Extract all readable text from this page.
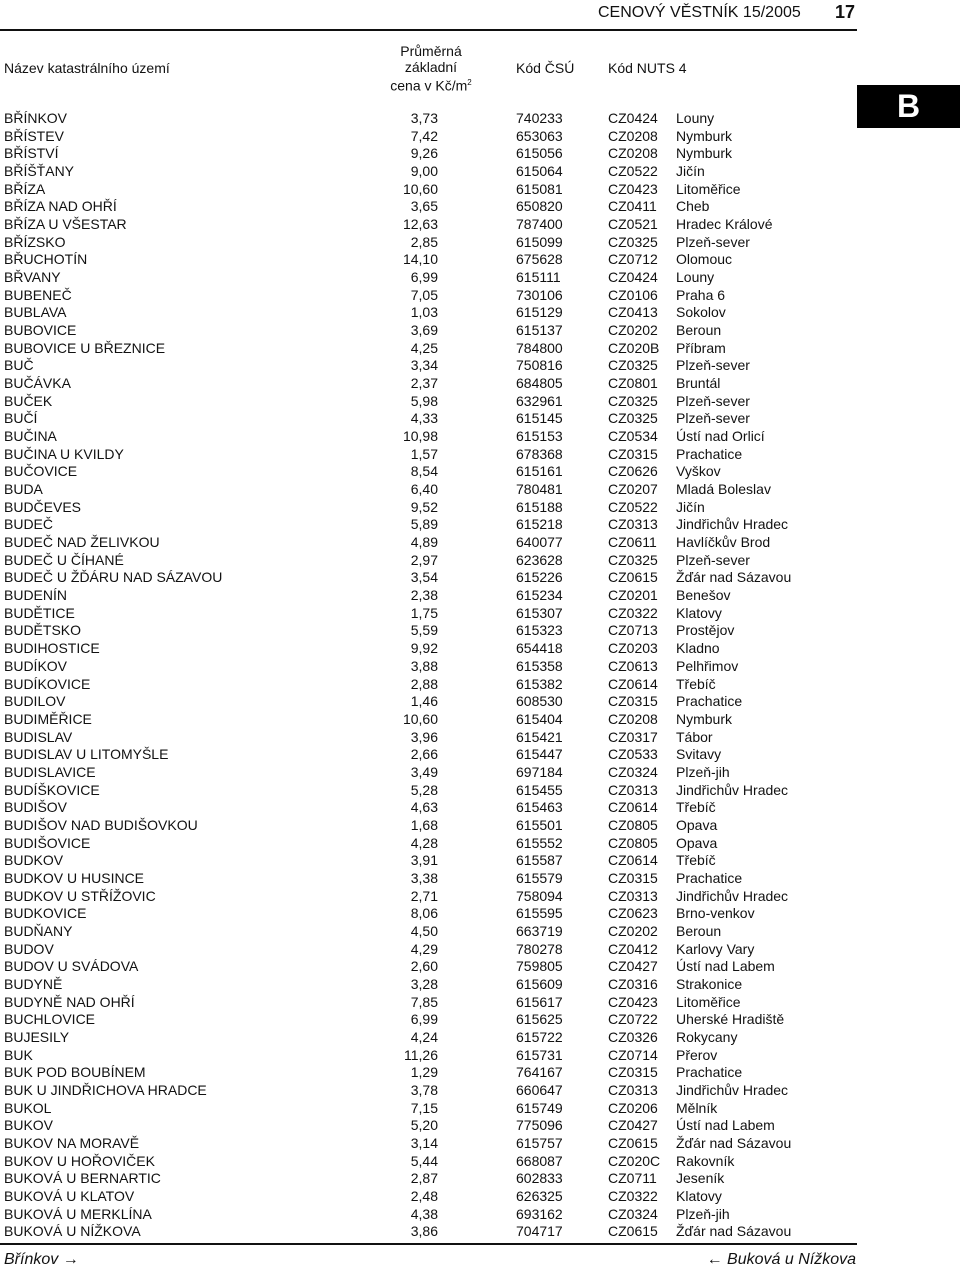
CENOVÝ VĚSTNÍK 15/2005 17
Název katastrálního území
Průměrná
základní
cena v $Kč/m^2$
Kód ČSÚ Kód NUTS 4
B
BŘÍNKOV	3,73	740233	CZ0424 Louny
BŘÍSTEV	7,42	653063	CZ0208 Nymburk
BŘÍSTVÍ	9,26	615056	CZ0208 Nymburk
BŘÍŠŤANY	9,00	615064	CZ0522 Jičín
BŘÍZA	10,60	615081	CZ0423 Litoměřice
BŘÍZA NAD OHŘÍ	3,65	650820	CZ0411 Cheb
BŘÍZA U VŠESTAR	12,63	787400	CZ0521 Hradec Králové
BŘÍZSKO	2,85	615099	CZ0325 Plzeň-sever
BŘUCHOTÍN	14,10	675628	CZ0712 Olomouc
BŘVANY	6,99	615111	CZ0424 Louny
BUBENEČ	7,05	730106	CZ0106 Praha 6
BUBLAVA	1,03	615129	CZ0413 Sokolov
BUBOVICE	3,69	615137	CZ0202 Beroun
BUBOVICE U BŘEZNICE	4,25	784800	CZ020B Příbram
BUČ	3,34	750816	CZ0325 Plzeň-sever
BUČÁVKA	2,37	684805	CZ0801 Bruntál
BUČEK	5,98	632961	CZ0325 Plzeň-sever
BUČÍ	4,33	615145	CZ0325 Plzeň-sever
BUČINA	10,98	615153	CZ0534 Ústí nad Orlicí
BUČINA U KVILDY	1,57	678368	CZ0315 Prachatice
BUČOVICE	8,54	615161	CZ0626 Vyškov
BUDA	6,40	780481	CZ0207 Mladá Boleslav
BUDČEVES	9,52	615188	CZ0522 Jičín
BUDEČ	5,89	615218	CZ0313 Jindřichův Hradec
BUDEČ NAD ŽELIVKOU	4,89	640077	CZ0611 Havlíčkův Brod
BUDEČ U ČÍHANÉ	2,97	623628	CZ0325 Plzeň-sever
BUDEČ U ŽĎÁRU NAD SÁZAVOU	3,54	615226	CZ0615 Žďár nad Sázavou
BUDENÍN	2,38	615234	CZ0201 Benešov
BUDĚTICE	1,75	615307	CZ0322 Klatovy
BUDĚTSKO	5,59	615323	CZ0713 Prostějov
BUDIHOSTICE	9,92	654418	CZ0203 Kladno
BUDÍKOV	3,88	615358	CZ0613 Pelhřimov
BUDÍKOVICE	2,88	615382	CZ0614 Třebíč
BUDILOV	1,46	608530	CZ0315 Prachatice
BUDIMĚŘICE	10,60	615404	CZ0208 Nymburk
BUDISLAV	3,96	615421	CZ0317 Tábor
BUDISLAV U LITOMYŠLE	2,66	615447	CZ0533 Svitavy
BUDISLAVICE	3,49	697184	CZ0324 Plzeň-jih
BUDÍŠKOVICE	5,28	615455	CZ0313 Jindřichův Hradec
BUDIŠOV	4,63	615463	CZ0614 Třebíč
BUDIŠOV NAD BUDIŠOVKOU	1,68	615501	CZ0805 Opava
BUDIŠOVICE	4,28	615552	CZ0805 Opava
BUDKOV	3,91	615587	CZ0614 Třebíč
BUDKOV U HUSINCE	3,38	615579	CZ0315 Prachatice
BUDKOV U STŘÍŽOVIC	2,71	758094	CZ0313 Jindřichův Hradec
BUDKOVICE	8,06	615595	CZ0623 Brno-venkov
BUDŇANY	4,50	663719	CZ0202 Beroun
BUDOV	4,29	780278	CZ0412 Karlovy Vary
BUDOV U SVÁDOVA	2,60	759805	CZ0427 Ústí nad Labem
BUDYNĚ	3,28	615609	CZ0316 Strakonice
BUDYNĚ NAD OHŘÍ	7,85	615617	CZ0423 Litoměřice
BUCHLOVICE	6,99	615625	CZ0722 Uherské Hradiště
BUJESILY	4,24	615722	CZ0326 Rokycany
BUK	11,26	615731	CZ0714 Přerov
BUK POD BOUBÍNEM	1,29	764167	CZ0315 Prachatice
BUK U JINDŘICHOVA HRADCE	3,78	660647	CZ0313 Jindřichův Hradec
BUKOL	7,15	615749	CZ0206 Mělník
BUKOV	5,20	775096	CZ0427 Ústí nad Labem
BUKOV NA MORAVĚ	3,14	615757	CZ0615 Žďár nad Sázavou
BUKOV U HOŘOVIČEK	5,44	668087	CZ020C Rakovník
BUKOVÁ U BERNARTIC	2,87	602833	CZ0711 Jeseník
BUKOVÁ U KLATOV	2,48	626325	CZ0322 Klatovy
BUKOVÁ U MERKLÍNA	4,38	693162	CZ0324 Plzeň-jih
BUKOVÁ U NÍŽKOVA	3,86	704717	CZ0615 Žďár nad Sázavou
Břínkov →	← Buková u Nížkova
